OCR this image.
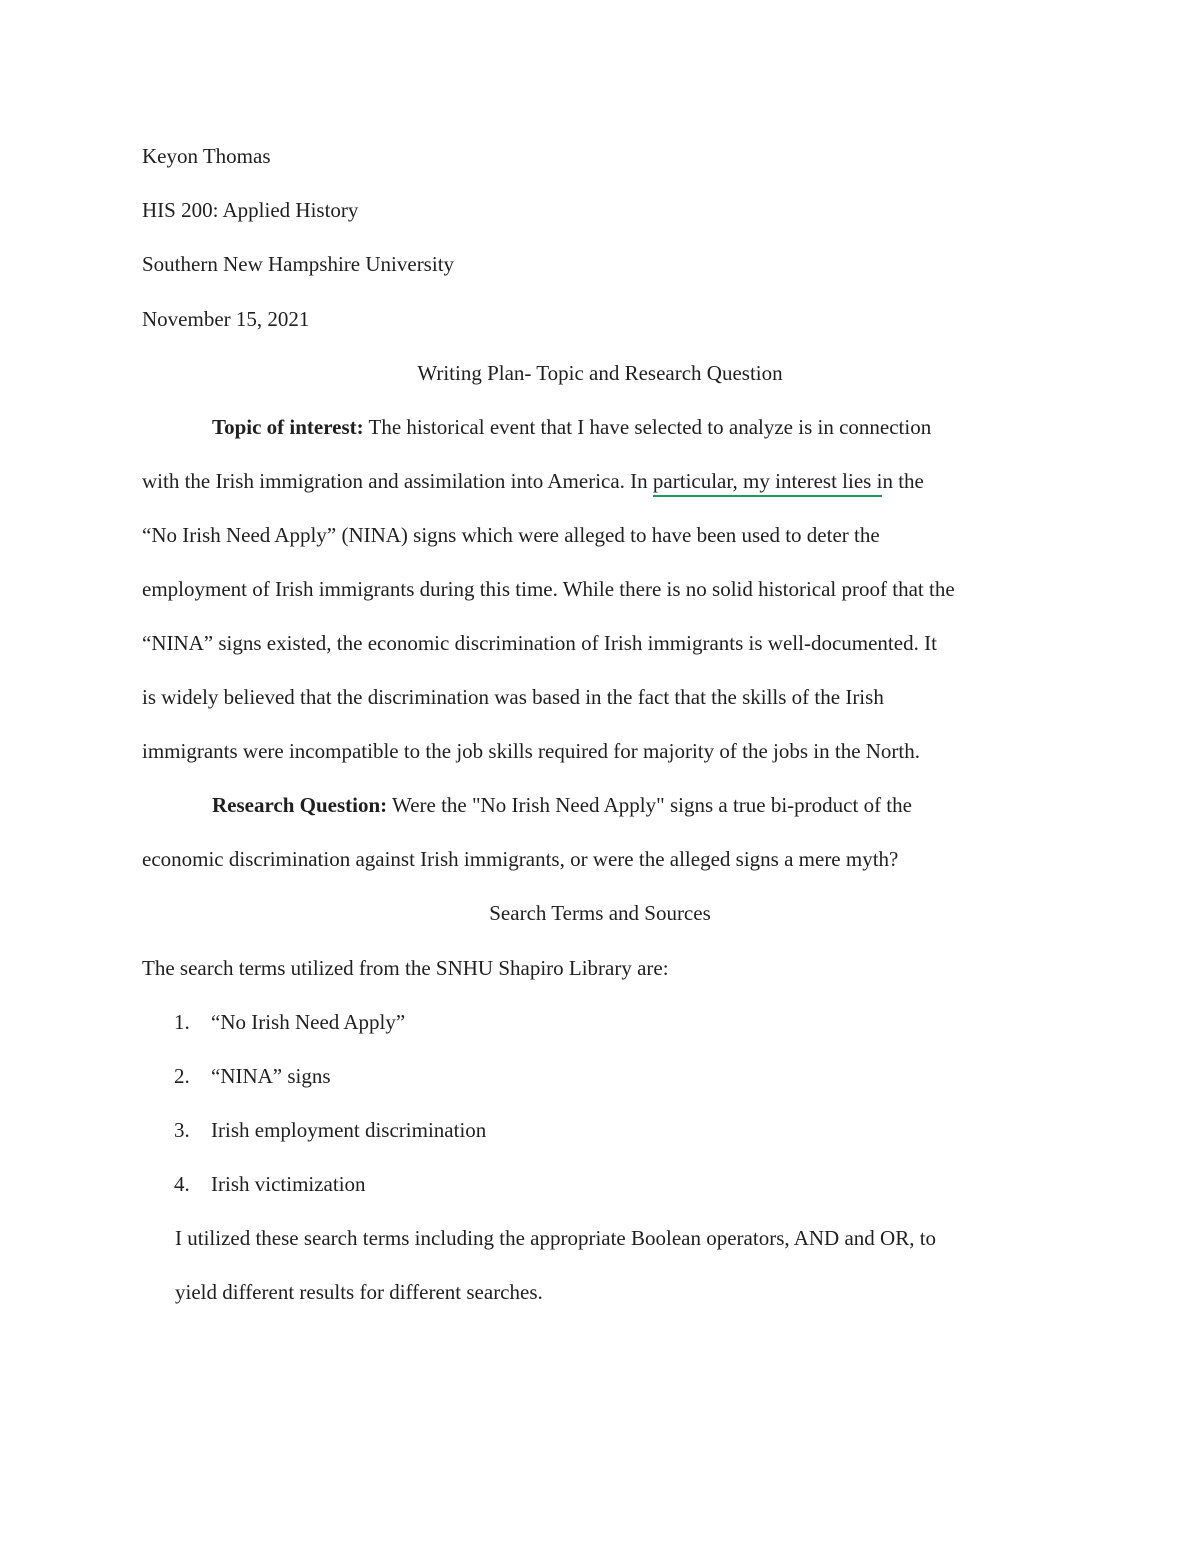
Keyon Thomas
HIS 200: Applied History
Southern New Hampshire University
November 15, 2021
Writing Plan- Topic and Research Question
Topic of interest: The historical event that I have selected to analyze is in connection
with the Irish immigration and assimilation into America. In particular, my interest lies in the
“No Irish Need Apply” (NINA) signs which were alleged to have been used to deter the
employment of Irish immigrants during this time. While there is no solid historical proof that the
“NINA” signs existed, the economic discrimination of Irish immigrants is well-documented. It
is widely believed that the discrimination was based in the fact that the skills of the Irish
immigrants were incompatible to the job skills required for majority of the jobs in the North.
Research Question: Were the "No Irish Need Apply" signs a true bi-product of the
economic discrimination against Irish immigrants, or were the alleged signs a mere myth?
Search Terms and Sources
The search terms utilized from the SNHU Shapiro Library are:
1. “No Irish Need Apply”
2. “NINA” signs
3. Irish employment discrimination
4. Irish victimization
I utilized these search terms including the appropriate Boolean operators, AND and OR, to
yield different results for different searches.
